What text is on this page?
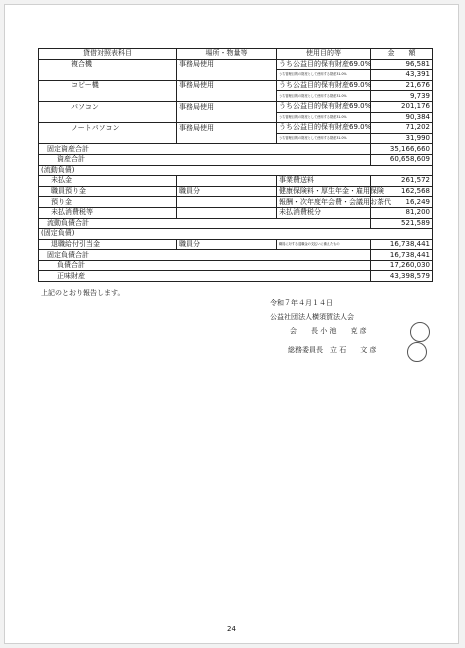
貸借対照表科目	場所・物量等	使用目的等	金　　額
複合機	事務局使用	うち公益目的保有財産69.0%	96,581
		うち管理目的の財産として使用する財産31.0%	43,391
コピー機	事務局使用	うち公益目的保有財産69.0%	21,676
		うち管理目的の財産として使用する財産31.0%	9,739
パソコン	事務局使用	うち公益目的保有財産69.0%	201,176
		うち管理目的の財産として使用する財産31.0%	90,384
ノートパソコン	事務局使用	うち公益目的保有財産69.0%	71,202
		うち管理目的の財産として使用する財産31.0%	31,990
固定資産合計			35,166,660
資産合計			60,658,609
(流動負債)			
未払金		事業費送料	261,572
職員預り金	職員分	健康保険料・厚生年金・雇用保険	162,568
預り金		報酬・次年度年会費・会議用お茶代	16,249
未払消費税等		未払消費税分	81,200
流動負債合計			521,589
(固定負債)			
退職給付引当金	職員分	職員に対する退職金の支払いに備えたもの	16,738,441
固定負債合計			16,738,441
負債合計			17,260,030
正味財産			43,398,579
上記のとおり報告します。
令和７年４月１４日
公益社団法人横須賀法人会
会　　長 小 池　　克 彦
総務委員長　立 石　　文 彦
24
